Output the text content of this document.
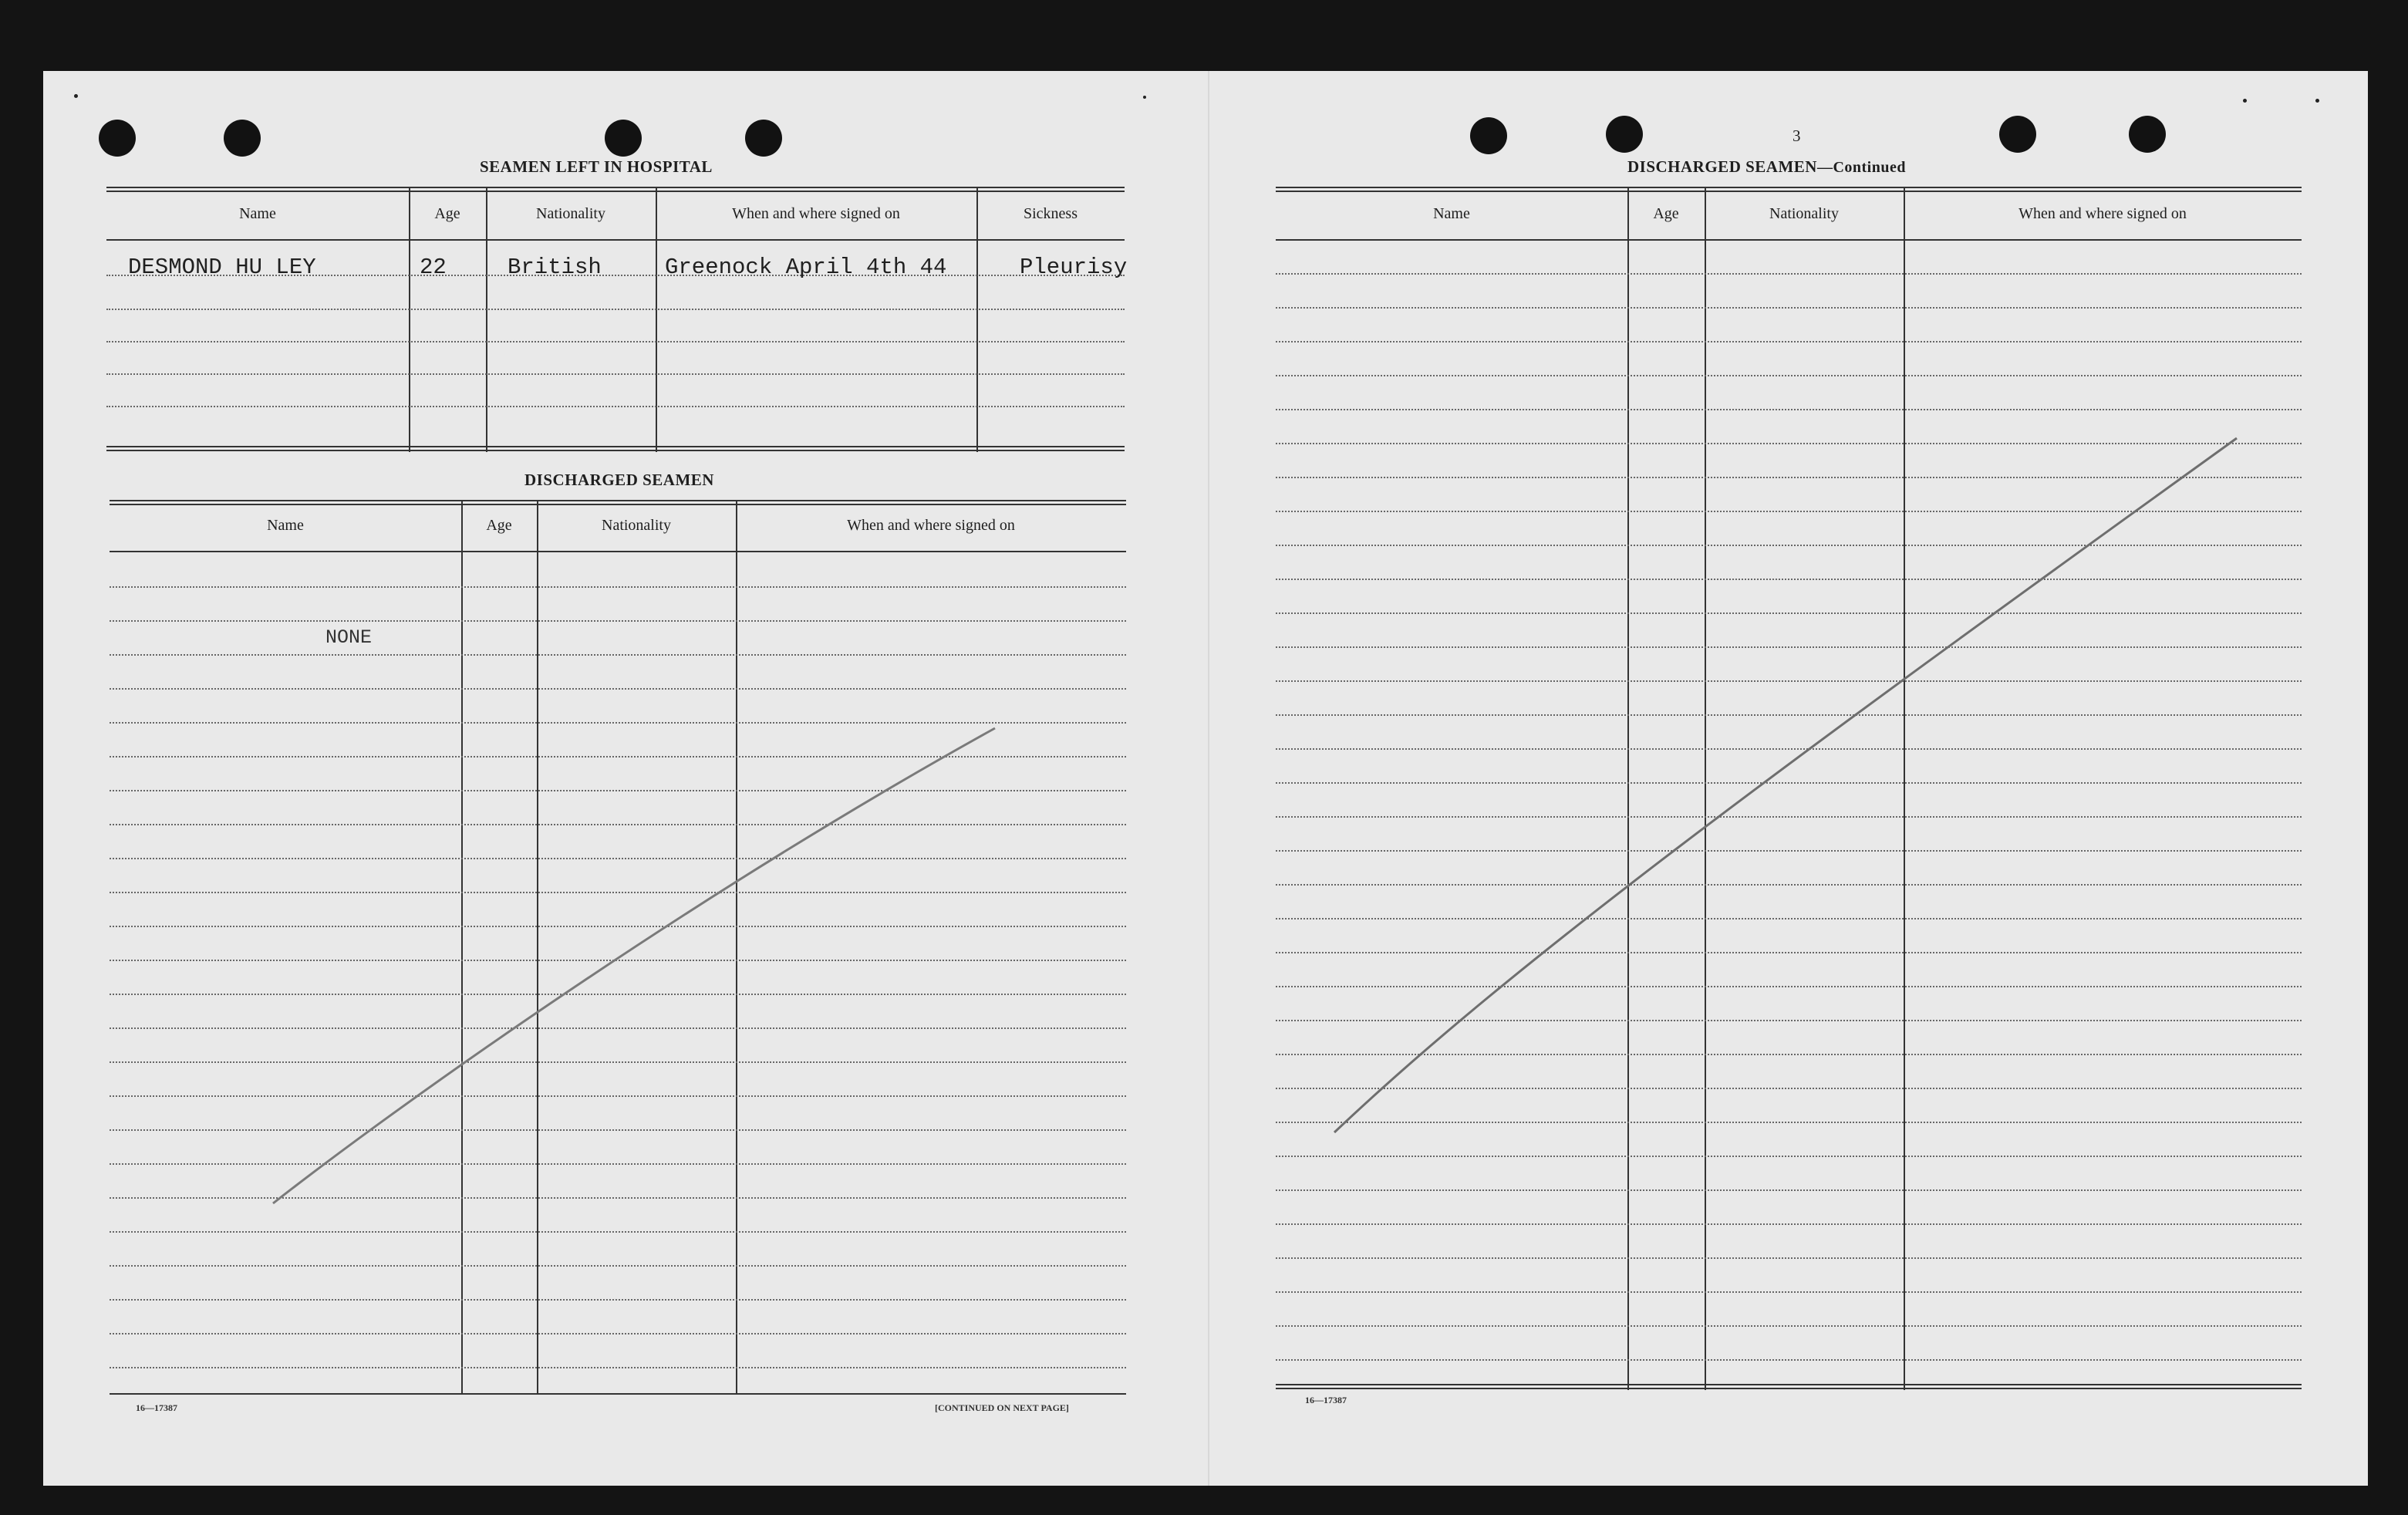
SEAMEN LEFT IN HOSPITAL
Name	Age	Nationality	When and where signed on	Sickness
DESMOND HU LEY	22	British	Greenock April 4th 44	Pleurisy
DISCHARGED SEAMEN
Name	Age	Nationality	When and where signed on
NONE
16—17387	[CONTINUED ON NEXT PAGE]
3
DISCHARGED SEAMEN—Continued
Name	Age	Nationality	When and where signed on
16—17387
